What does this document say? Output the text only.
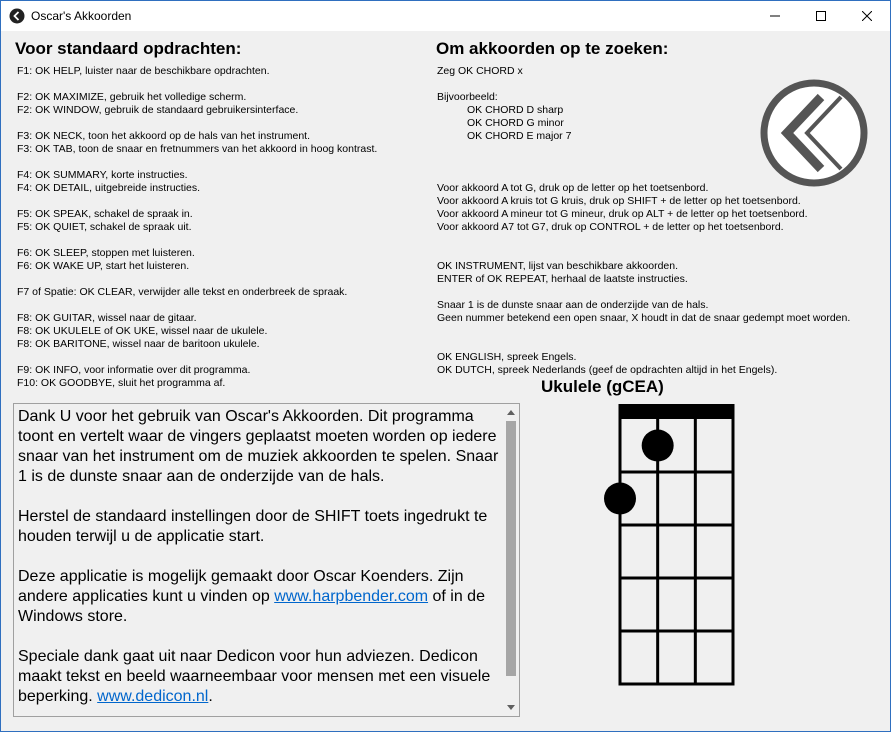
Oscar's Akkoorden
Voor standaard opdrachten:
F1: OK HELP, luister naar de beschikbare opdrachten.
F2: OK MAXIMIZE, gebruik het volledige scherm.
F2: OK WINDOW, gebruik de standaard gebruikersinterface.
F3: OK NECK, toon het akkoord op de hals van het instrument.
F3: OK TAB, toon de snaar en fretnummers van het akkoord in hoog kontrast.
F4: OK SUMMARY, korte instructies.
F4: OK DETAIL, uitgebreide instructies.
F5: OK SPEAK, schakel de spraak in.
F5: OK QUIET, schakel de spraak uit.
F6: OK SLEEP, stoppen met luisteren.
F6: OK WAKE UP, start het luisteren.
F7 of Spatie: OK CLEAR, verwijder alle tekst en onderbreek de spraak.
F8: OK GUITAR, wissel naar de gitaar.
F8: OK UKULELE of OK UKE, wissel naar de ukulele.
F8: OK BARITONE, wissel naar de baritoon ukulele.
F9: OK INFO, voor informatie over dit programma.
F10: OK GOODBYE, sluit het programma af.
Om akkoorden op te zoeken:
Zeg OK CHORD x
Bijvoorbeeld:
OK CHORD D sharp
OK CHORD G minor
OK CHORD E major 7
Voor akkoord A tot G, druk op de letter op het toetsenbord.
Voor akkoord A kruis tot G kruis, druk op SHIFT + de letter op het toetsenbord.
Voor akkoord A mineur tot G mineur, druk op ALT + de letter op het toetsenbord.
Voor akkoord A7 tot G7, druk op CONTROL + de letter op het toetsenbord.
OK INSTRUMENT, lijst van beschikbare akkoorden.
ENTER of OK REPEAT, herhaal de laatste instructies.
Snaar 1 is de dunste snaar aan de onderzijde van de hals.
Geen nummer betekend een open snaar, X houdt in dat de snaar gedempt moet worden.
OK ENGLISH, spreek Engels.
OK DUTCH, spreek Nederlands (geef de opdrachten altijd in het Engels).
Ukulele (gCEA)

Dank U voor het gebruik van Oscar's Akkoorden. Dit programma toont en vertelt waar de vingers geplaatst moeten worden op iedere snaar van het instrument om de muziek akkoorden te spelen. Snaar 1 is de dunste snaar aan de onderzijde van de hals.

Herstel de standaard instellingen door de SHIFT toets ingedrukt te houden terwijl u de applicatie start.

Deze applicatie is mogelijk gemaakt door Oscar Koenders. Zijn andere applicaties kunt u vinden op www.harpbender.com of in de Windows store.

Speciale dank gaat uit naar Dedicon voor hun adviezen. Dedicon maakt tekst en beeld waarneembaar voor mensen met een visuele beperking. www.dedicon.nl.
